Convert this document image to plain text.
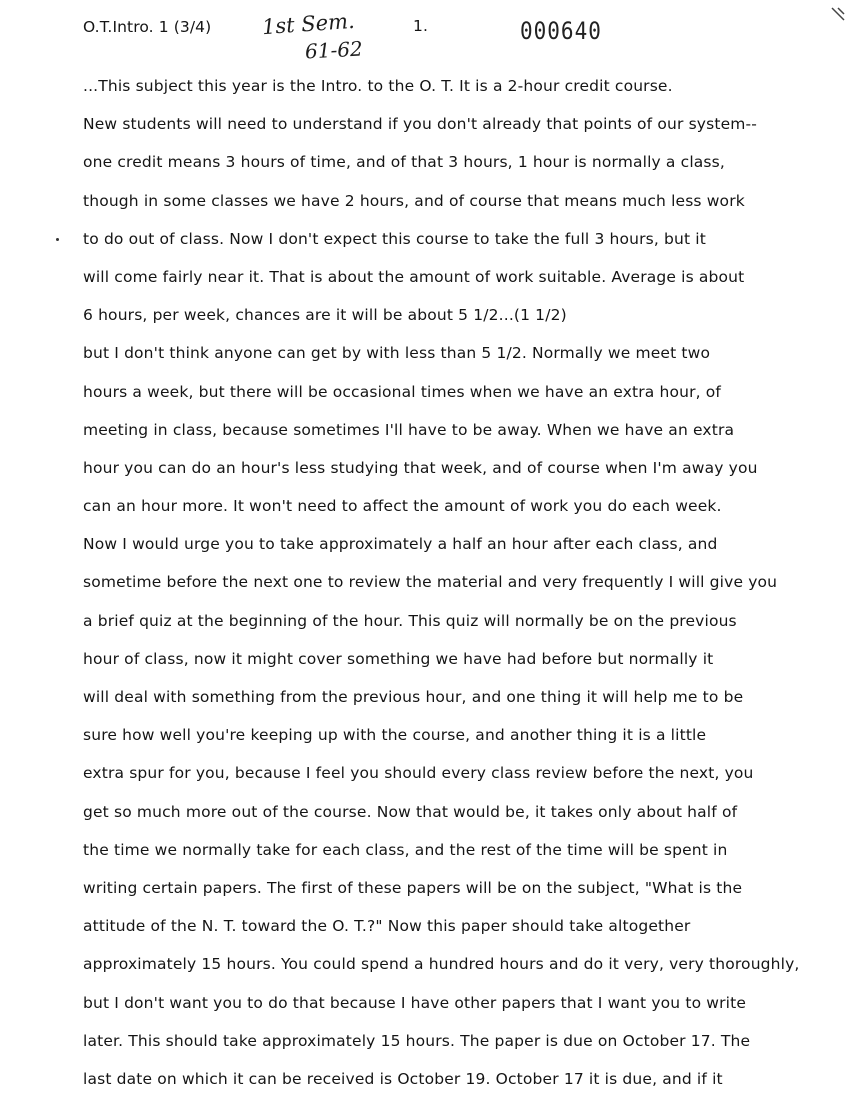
O.T.Intro. 1 (3/4) 1st Sem.
61-62
1.	000640
...This subject this year is the Intro. to the O. T. It is a 2-hour credit course.
New students will need to understand if you don't already that points of our system--
one credit means 3 hours of time, and of that 3 hours, 1 hour is normally a class,
though in some classes we have 2 hours, and of course that means much less work
to do out of class. Now I don't expect this course to take the full 3 hours, but it
will come fairly near it. That is about the amount of work suitable. Average is about
6 hours, per week, chances are it will be about 5 1/2...(1 1/2)
but I don't think anyone can get by with less than 5 1/2. Normally we meet two
hours a week, but there will be occasional times when we have an extra hour, of
meeting in class, because sometimes I'll have to be away. When we have an extra
hour you can do an hour's less studying that week, and of course when I'm away you
can an hour more. It won't need to affect the amount of work you do each week.
Now I would urge you to take approximately a half an hour after each class, and
sometime before the next one to review the material and very frequently I will give you
a brief quiz at the beginning of the hour. This quiz will normally be on the previous
hour of class, now it might cover something we have had before but normally it
will deal with something from the previous hour, and one thing it will help me to be
sure how well you're keeping up with the course, and another thing it is a little
extra spur for you, because I feel you should every class review before the next, you
get so much more out of the course. Now that would be, it takes only about half of
the time we normally take for each class, and the rest of the time will be spent in
writing certain papers. The first of these papers will be on the subject, "What is the
attitude of the N. T. toward the O. T.?" Now this paper should take altogether
approximately 15 hours. You could spend a hundred hours and do it very, very thoroughly,
but I don't want you to do that because I have other papers that I want you to write
later. This should take approximately 15 hours. The paper is due on October 17. The
last date on which it can be received is October 19. October 17 it is due, and if it
